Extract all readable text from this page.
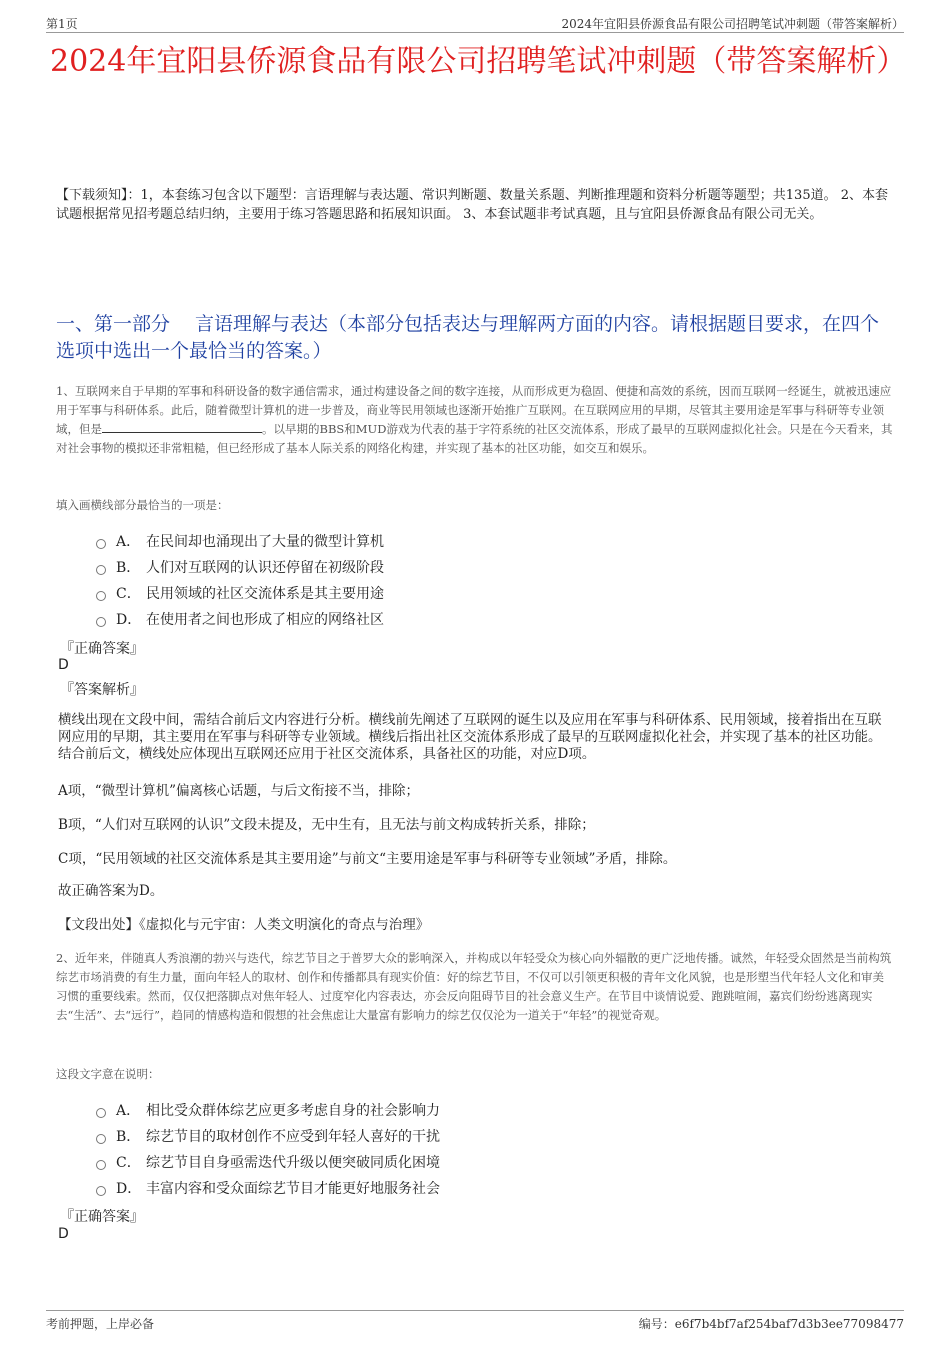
第1页	2024年宜阳县侨源食品有限公司招聘笔试冲刺题（带答案解析）
2024年宜阳县侨源食品有限公司招聘笔试冲刺题（带答案解析）
【下载须知】：1，本套练习包含以下题型：言语理解与表达题、常识判断题、数量关系题、判断推理题和资料分析题等题型；共135道。 2、本套试题根据常见招考题总结归纳，主要用于练习答题思路和拓展知识面。 3、本套试题非考试真题，且与宜阳县侨源食品有限公司无关。
一、第一部分　 言语理解与表达（本部分包括表达与理解两方面的内容。请根据题目要求，在四个选项中选出一个最恰当的答案。）
1、互联网来自于早期的军事和科研设备的数字通信需求，通过构建设备之间的数字连接，从而形成更为稳固、便捷和高效的系统，因而互联网一经诞生，就被迅速应用于军事与科研体系。此后，随着微型计算机的进一步普及，商业等民用领域也逐渐开始推广互联网。在互联网应用的早期，尽管其主要用途是军事与科研等专业领域，但是	。以早期的BBS和MUD游戏为代表的基于字符系统的社区交流体系，形成了最早的互联网虚拟化社会。只是在今天看来，其对社会事物的模拟还非常粗糙，但已经形成了基本人际关系的网络化构建，并实现了基本的社区功能，如交互和娱乐。
填入画横线部分最恰当的一项是：
A． 在民间却也涌现出了大量的微型计算机
B． 人们对互联网的认识还停留在初级阶段
C． 民用领域的社区交流体系是其主要用途
D． 在使用者之间也形成了相应的网络社区
『正确答案』
D
『答案解析』
横线出现在文段中间，需结合前后文内容进行分析。横线前先阐述了互联网的诞生以及应用在军事与科研体系、民用领域，接着指出在互联网应用的早期，其主要用在军事与科研等专业领域。横线后指出社区交流体系形成了最早的互联网虚拟化社会，并实现了基本的社区功能。结合前后文，横线处应体现出互联网还应用于社区交流体系，具备社区的功能，对应D项。
A项，“微型计算机”偏离核心话题，与后文衔接不当，排除；
B项，“人们对互联网的认识”文段未提及，无中生有，且无法与前文构成转折关系，排除；
C项，“民用领域的社区交流体系是其主要用途”与前文“主要用途是军事与科研等专业领域”矛盾，排除。
故正确答案为D。
【文段出处】《虚拟化与元宇宙：人类文明演化的奇点与治理》
2、近年来，伴随真人秀浪潮的勃兴与迭代，综艺节目之于普罗大众的影响深入，并构成以年轻受众为核心向外辐散的更广泛地传播。诚然，年轻受众固然是当前构筑综艺市场消费的有生力量，面向年轻人的取材、创作和传播都具有现实价值：好的综艺节目，不仅可以引领更积极的青年文化风貌，也是形塑当代年轻人文化和审美习惯的重要线索。然而，仅仅把落脚点对焦年轻人、过度窄化内容表达，亦会反向阻碍节目的社会意义生产。在节目中谈情说爱、跑跳喧闹，嘉宾们纷纷逃离现实去“生活”、去“远行”，趋同的情感构造和假想的社会焦虑让大量富有影响力的综艺仅仅沦为一道关于“年轻”的视觉奇观。
这段文字意在说明：
A． 相比受众群体综艺应更多考虑自身的社会影响力
B． 综艺节目的取材创作不应受到年轻人喜好的干扰
C． 综艺节目自身亟需迭代升级以便突破同质化困境
D． 丰富内容和受众面综艺节目才能更好地服务社会
『正确答案』
D
考前押题，上岸必备	编号：e6f7b4bf7af254baf7d3b3ee77098477
